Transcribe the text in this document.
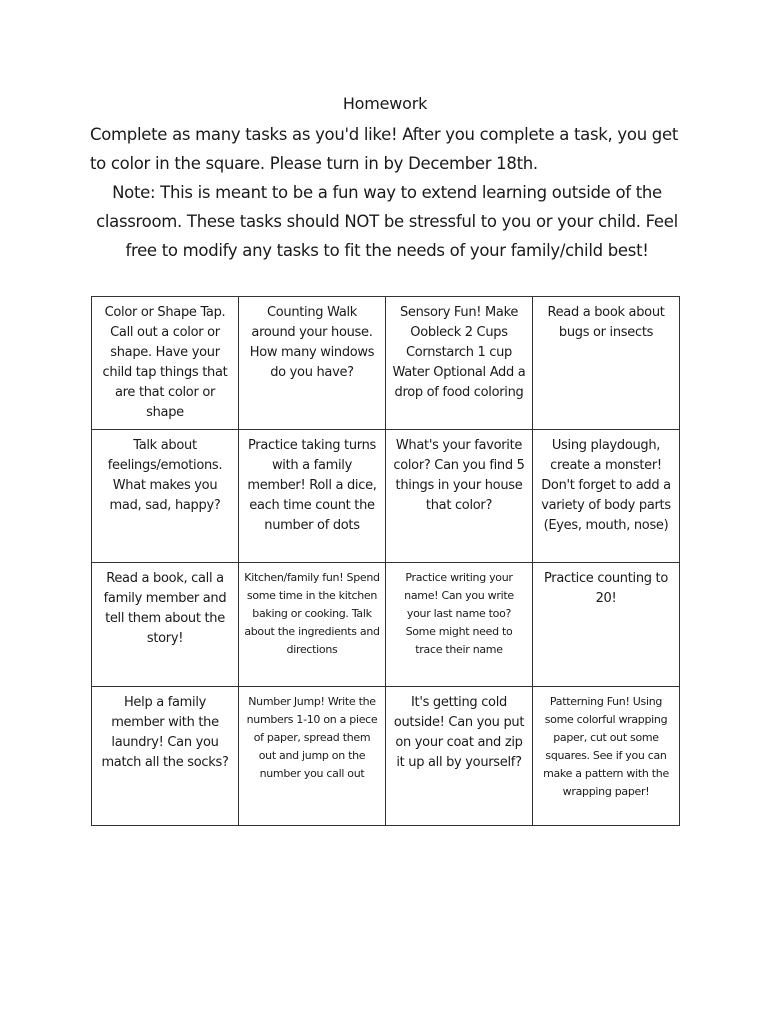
Homework
Complete as many tasks as you'd like! After you complete a task, you get to color in the square. Please turn in by December 18th.
Note: This is meant to be a fun way to extend learning outside of the classroom. These tasks should NOT be stressful to you or your child. Feel free to modify any tasks to fit the needs of your family/child best!
Color or Shape Tap. Call out a color or shape. Have your child tap things that are that color or shape	Counting Walk around your house. How many windows do you have?	Sensory Fun! Make Oobleck 2 Cups Cornstarch 1 cup Water Optional Add a drop of food coloring	Read a book about bugs or insects
Talk about feelings/emotions. What makes you mad, sad, happy?	Practice taking turns with a family member! Roll a dice, each time count the number of dots	What's your favorite color? Can you find 5 things in your house that color?	Using playdough, create a monster! Don't forget to add a variety of body parts (Eyes, mouth, nose)
Read a book, call a family member and tell them about the story!	Kitchen/family fun! Spend some time in the kitchen baking or cooking. Talk about the ingredients and directions	Practice writing your name! Can you write your last name too? Some might need to trace their name	Practice counting to 20!
Help a family member with the laundry! Can you match all the socks?	Number Jump! Write the numbers 1-10 on a piece of paper, spread them out and jump on the number you call out	It's getting cold outside! Can you put on your coat and zip it up all by yourself?	Patterning Fun! Using some colorful wrapping paper, cut out some squares. See if you can make a pattern with the wrapping paper!
